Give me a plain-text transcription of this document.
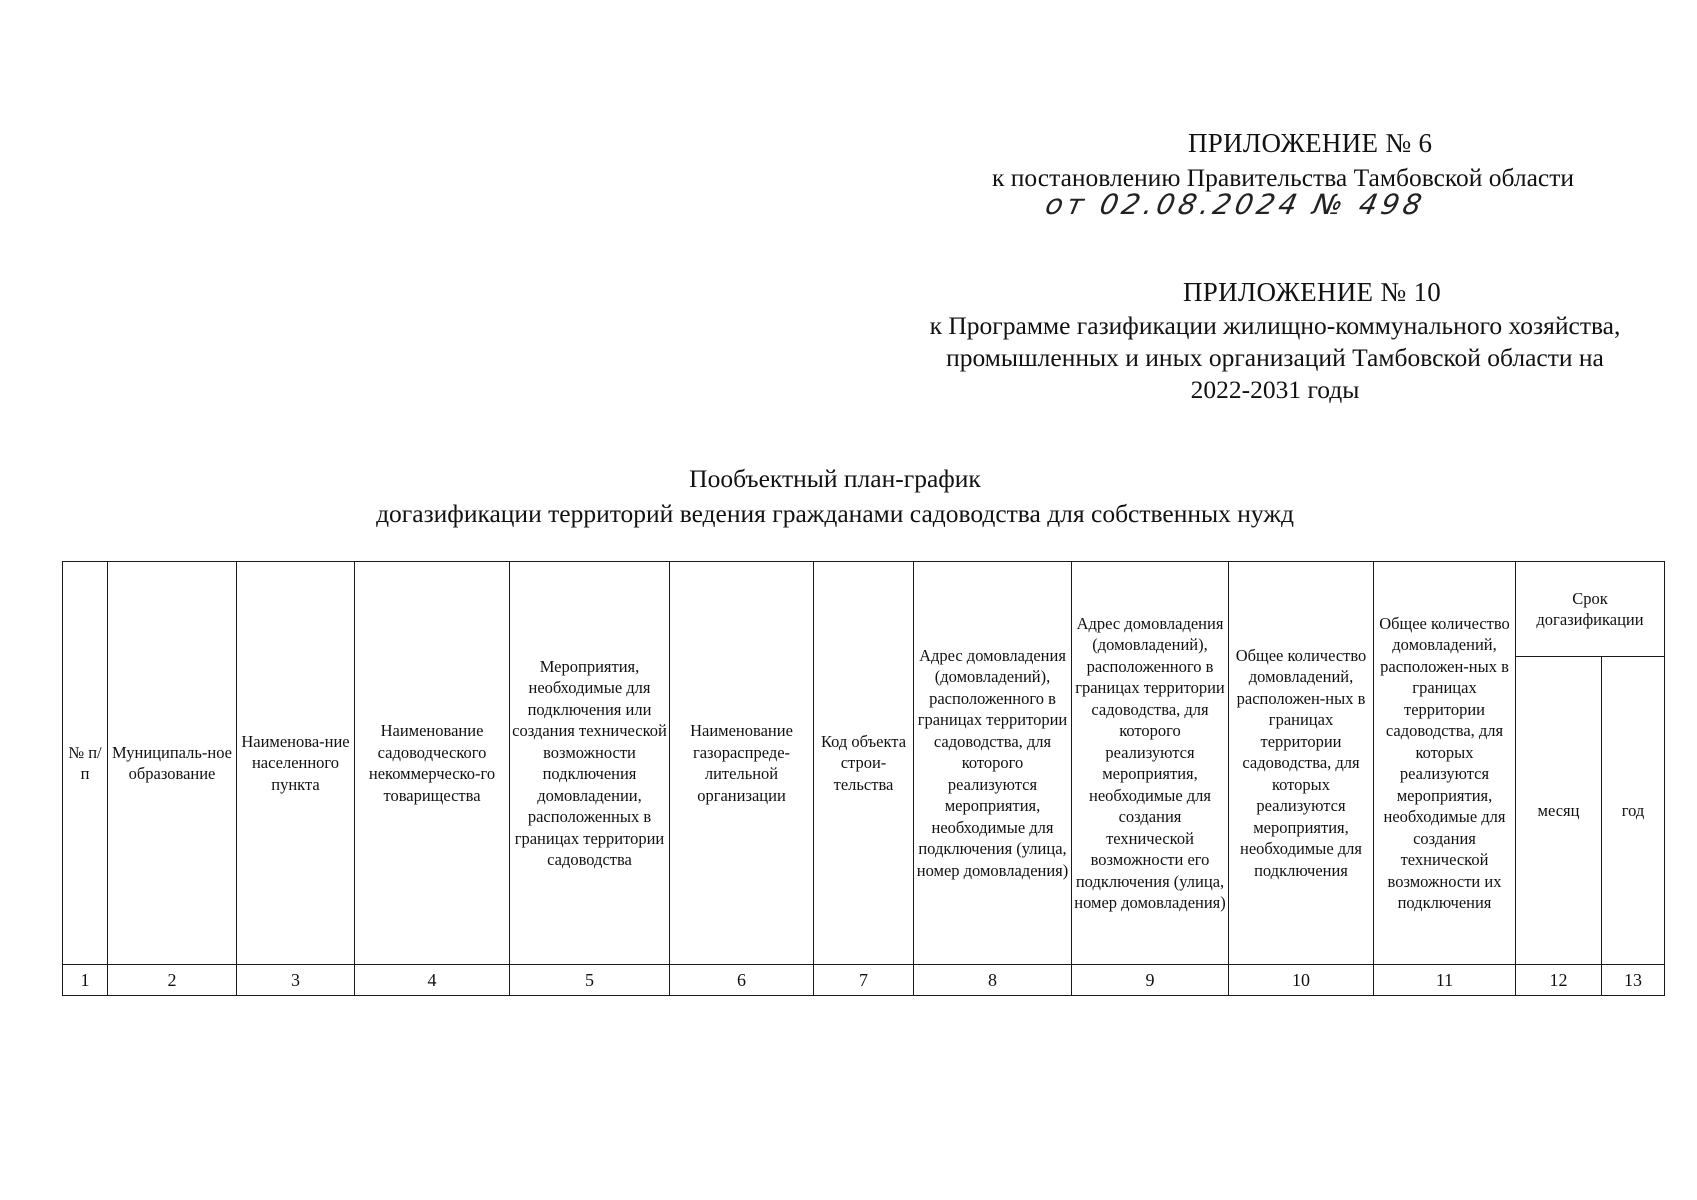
ПРИЛОЖЕНИЕ № 6
к постановлению Правительства Тамбовской области
от 02.08.2024 № 498
ПРИЛОЖЕНИЕ № 10
к Программе газификации жилищно-коммунального хозяйства,
промышленных и иных организаций Тамбовской области на
2022-2031 годы
Пообъектный план-график
догазификации территорий ведения гражданами садоводства для собственных нужд
№ п/п	Муниципаль-ное образование	Наименова-ние населенного пункта	Наименование садоводческого некоммерческо-го товарищества	Мероприятия, необходимые для подключения или создания технической возможности подключения домовладении, расположенных в границах территории садоводства	Наименование газораспреде-лительной организации	Код объекта строи-тельства	Адрес домовладения (домовладений), расположенного в границах территории садоводства, для которого реализуются мероприятия, необходимые для подключения (улица, номер домовладения)	Адрес домовладения (домовладений), расположенного в границах территории садоводства, для которого реализуются мероприятия, необходимые для создания технической возможности его подключения (улица, номер домовладения)	Общее количество домовладений, расположен-ных в границах территории садоводства, для которых реализуются мероприятия, необходимые для подключения	Общее количество домовладений, расположен-ных в границах территории садоводства, для которых реализуются мероприятия, необходимые для создания технической возможности их подключения	Срок догазификации	
											месяц	год
1	2	3	4	5	6	7	8	9	10	11	12	13
